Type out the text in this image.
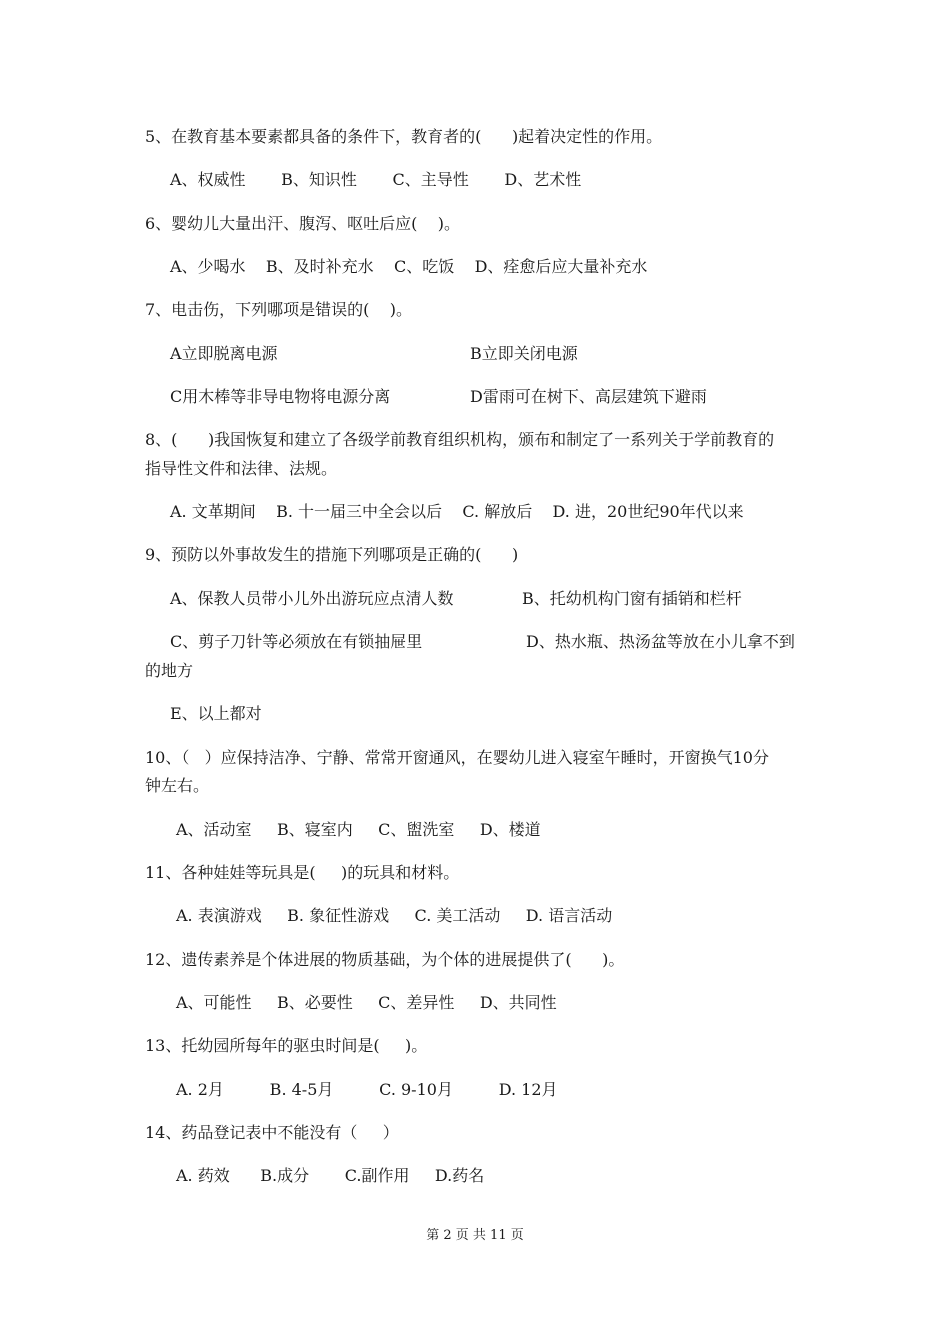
5、在教育基本要素都具备的条件下，教育者的(      )起着决定性的作用。
A、权威性       B、知识性       C、主导性       D、艺术性
6、婴幼儿大量出汗、腹泻、呕吐后应(    )。
A、少喝水    B、及时补充水    C、吃饭    D、痊愈后应大量补充水
7、电击伤，下列哪项是错误的(    )。
A立即脱离电源	B立即关闭电源
C用木棒等非导电物将电源分离	D雷雨可在树下、高层建筑下避雨
8、(      )我国恢复和建立了各级学前教育组织机构，颁布和制定了一系列关于学前教育的
指导性文件和法律、法规。
A. 文革期间    B. 十一届三中全会以后    C. 解放后    D. 进，20世纪90年代以来
9、预防以外事故发生的措施下列哪项是正确的(      )
A、保教人员带小儿外出游玩应点清人数	B、托幼机构门窗有插销和栏杆
C、剪子刀针等必须放在有锁抽屉里	D、热水瓶、热汤盆等放在小儿拿不到
的地方
E、以上都对
10、（   ）应保持洁净、宁静、常常开窗通风，在婴幼儿进入寝室午睡时，开窗换气10分
钟左右。
A、活动室     B、寝室内     C、盥洗室     D、楼道
11、各种娃娃等玩具是(     )的玩具和材料。
A. 表演游戏     B. 象征性游戏     C. 美工活动     D. 语言活动
12、遗传素养是个体进展的物质基础，为个体的进展提供了(      )。
A、可能性     B、必要性     C、差异性     D、共同性
13、托幼园所每年的驱虫时间是(     )。
A. 2月         B. 4-5月         C. 9-10月         D. 12月
14、药品登记表中不能没有（     ）
A. 药效      B.成分       C.副作用     D.药名
第 2 页 共 11 页
